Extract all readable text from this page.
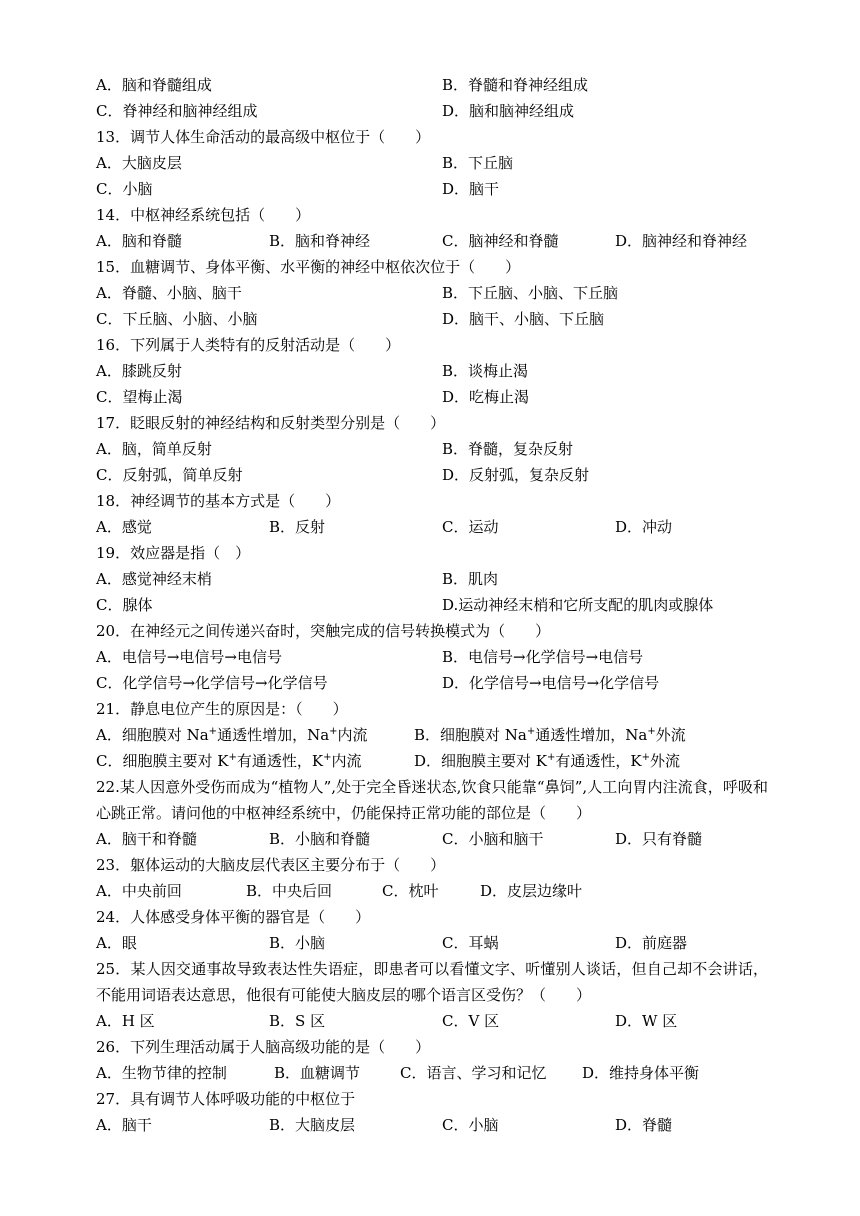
A．脑和脊髓组成	B．脊髓和脊神经组成
C．脊神经和脑神经组成	D．脑和脑神经组成
13．调节人体生命活动的最高级中枢位于（　　）
A．大脑皮层	B．下丘脑
C．小脑	D．脑干
14．中枢神经系统包括（　　）
A．脑和脊髓	B．脑和脊神经	C．脑神经和脊髓	D．脑神经和脊神经
15．血糖调节、身体平衡、水平衡的神经中枢依次位于（　　）
A．脊髓、小脑、脑干	B．下丘脑、小脑、下丘脑
C．下丘脑、小脑、小脑	D．脑干、小脑、下丘脑
16．下列属于人类特有的反射活动是（　　）
A．膝跳反射	B．谈梅止渴
C．望梅止渴	D．吃梅止渴
17．眨眼反射的神经结构和反射类型分别是（　　）
A．脑，简单反射	B．脊髓，复杂反射
C．反射弧，简单反射	D．反射弧，复杂反射
18．神经调节的基本方式是（　　）
A．感觉	B．反射	C．运动	D．冲动
19．效应器是指（　）
A．感觉神经末梢	B．肌肉
C．腺体	D.运动神经末梢和它所支配的肌肉或腺体
20．在神经元之间传递兴奋时，突触完成的信号转换模式为（　　）
A．电信号→电信号→电信号	B．电信号→化学信号→电信号
C．化学信号→化学信号→化学信号	D．化学信号→电信号→化学信号
21．静息电位产生的原因是：（　　）
A．细胞膜对 Na+通透性增加，Na+内流	B．细胞膜对 Na+通透性增加，Na+外流
C．细胞膜主要对 K+有通透性，K+内流	D．细胞膜主要对 K+有通透性，K+外流
22.某人因意外受伤而成为“植物人”,处于完全昏迷状态,饮食只能靠“鼻饲”,人工向胃内注流食，呼吸和心跳正常。请问他的中枢神经系统中，仍能保持正常功能的部位是（　　）
A．脑干和脊髓	B．小脑和脊髓	C．小脑和脑干	D．只有脊髓
23．躯体运动的大脑皮层代表区主要分布于（　　）
A．中央前回	B．中央后回	C．枕叶	D．皮层边缘叶
24．人体感受身体平衡的器官是（　　）
A．眼	B．小脑	C．耳蜗	D．前庭器
25．某人因交通事故导致表达性失语症，即患者可以看懂文字、听懂别人谈话，但自己却不会讲话，不能用词语表达意思，他很有可能使大脑皮层的哪个语言区受伤？（　　）
A．H 区	B．S 区	C．V 区	D．W 区
26．下列生理活动属于人脑高级功能的是（　　）
A．生物节律的控制	B．血糖调节	C．语言、学习和记忆 D．维持身体平衡
27．具有调节人体呼吸功能的中枢位于
A．脑干	B．大脑皮层	C．小脑	D．脊髓
